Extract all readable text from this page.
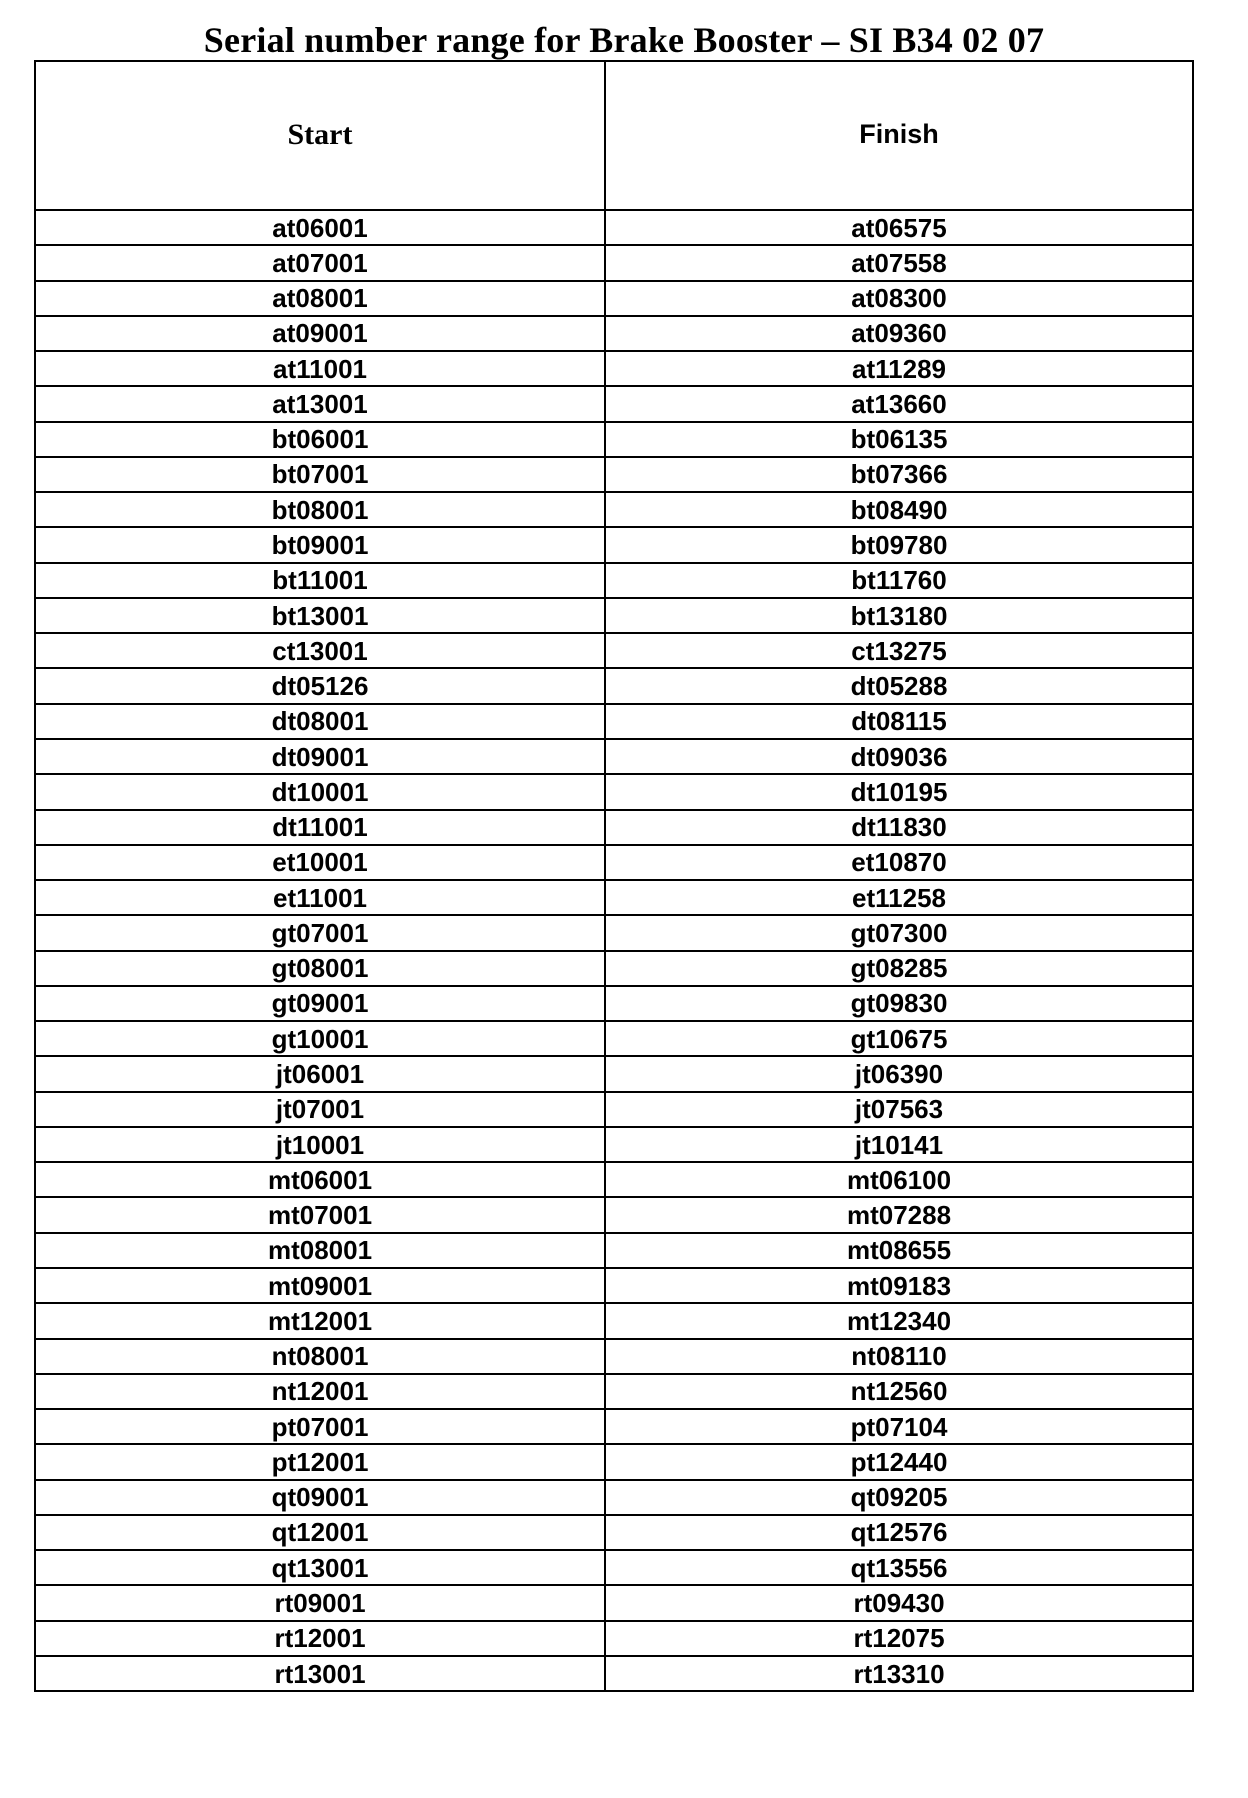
Serial number range for Brake Booster – SI B34 02 07
Start	Finish
at06001	at06575
at07001	at07558
at08001	at08300
at09001	at09360
at11001	at11289
at13001	at13660
bt06001	bt06135
bt07001	bt07366
bt08001	bt08490
bt09001	bt09780
bt11001	bt11760
bt13001	bt13180
ct13001	ct13275
dt05126	dt05288
dt08001	dt08115
dt09001	dt09036
dt10001	dt10195
dt11001	dt11830
et10001	et10870
et11001	et11258
gt07001	gt07300
gt08001	gt08285
gt09001	gt09830
gt10001	gt10675
jt06001	jt06390
jt07001	jt07563
jt10001	jt10141
mt06001	mt06100
mt07001	mt07288
mt08001	mt08655
mt09001	mt09183
mt12001	mt12340
nt08001	nt08110
nt12001	nt12560
pt07001	pt07104
pt12001	pt12440
qt09001	qt09205
qt12001	qt12576
qt13001	qt13556
rt09001	rt09430
rt12001	rt12075
rt13001	rt13310
